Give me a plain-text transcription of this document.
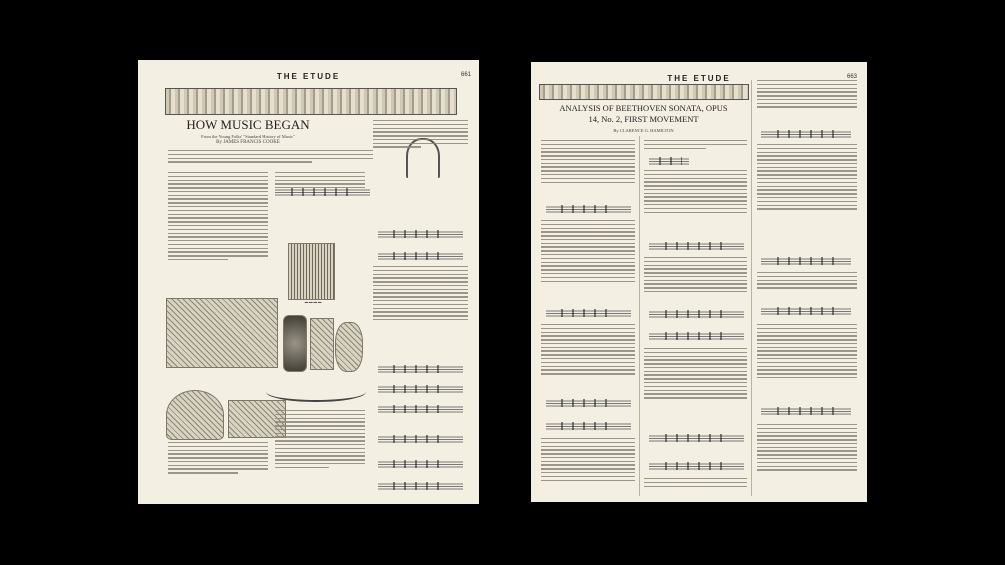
THE ETUDE	661
HOW MUSIC BEGAN
From the Young Folks' "Standard History of Music"
By JAMES FRANCIS COOKE
▬ ▬ ▬ ▬
THE ETUDE	663
ANALYSIS OF BEETHOVEN SONATA, OPUS
14, No. 2, FIRST MOVEMENT
By CLARENCE G. HAMILTON
